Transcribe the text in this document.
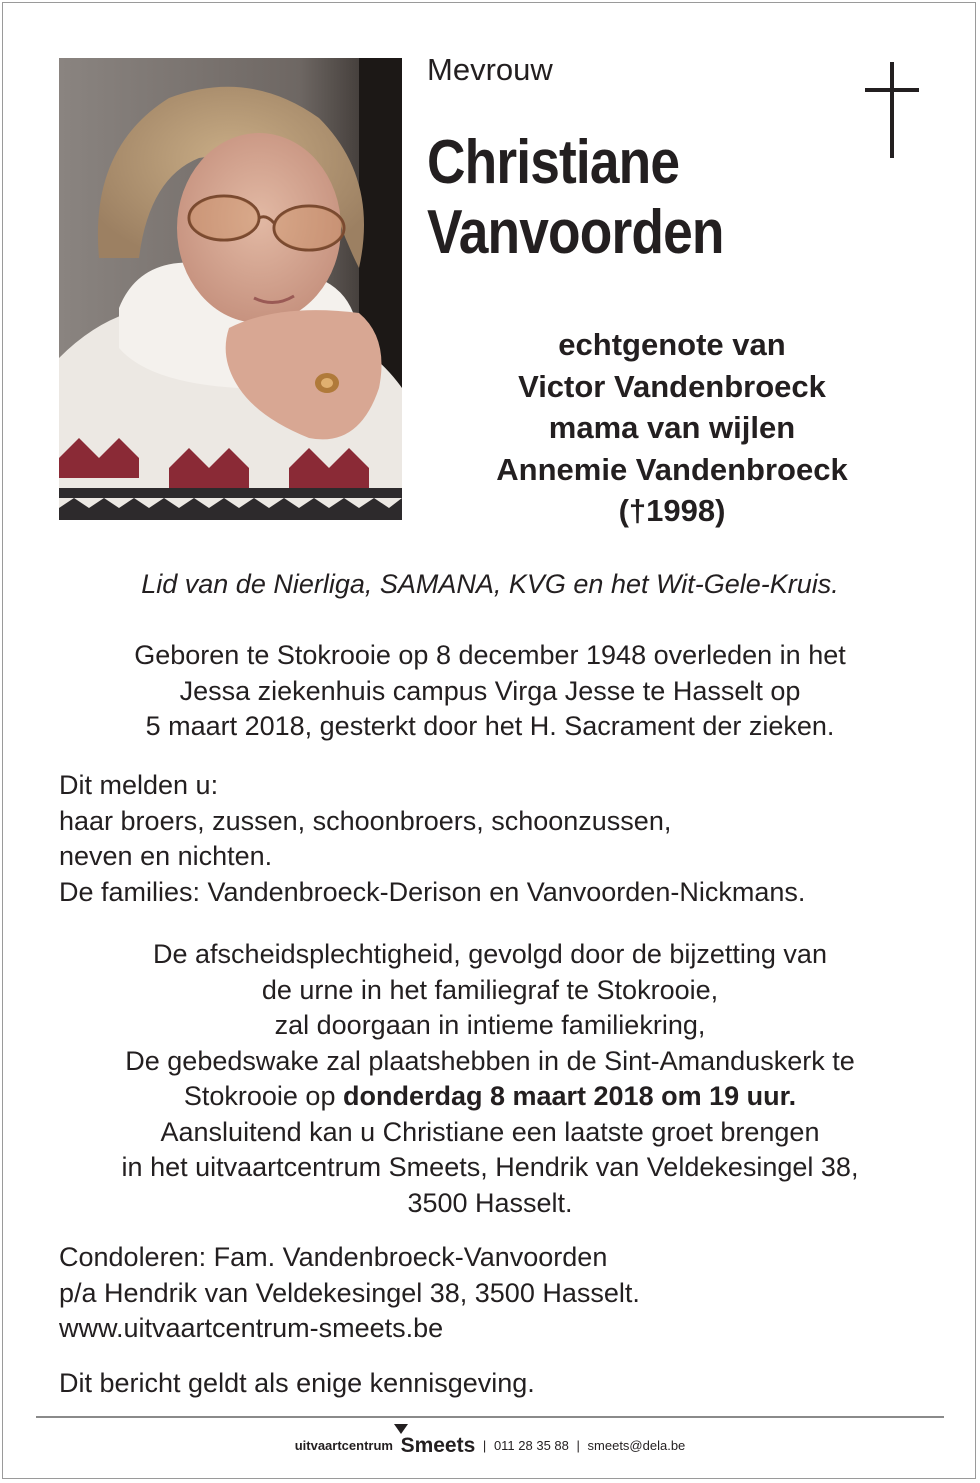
Mevrouw
Christiane
Vanvoorden
echtgenote van
Victor Vandenbroeck
mama van wijlen
Annemie Vandenbroeck
(†1998)
Lid van de Nierliga, SAMANA, KVG en het Wit-Gele-Kruis.
Geboren te Stokrooie op 8 december 1948 overleden in het
Jessa ziekenhuis campus Virga Jesse te Hasselt op
5 maart 2018, gesterkt door het H. Sacrament der zieken.
Dit melden u:
haar broers, zussen, schoonbroers, schoonzussen,
neven en nichten.
De families: Vandenbroeck-Derison en Vanvoorden-Nickmans.
De afscheidsplechtigheid, gevolgd door de bijzetting van
de urne in het familiegraf te Stokrooie,
zal doorgaan in intieme familiekring,
De gebedswake zal plaatshebben in de Sint-Amanduskerk te
Stokrooie op donderdag 8 maart 2018 om 19 uur.
Aansluitend kan u Christiane een laatste groet brengen
in het uitvaartcentrum Smeets, Hendrik van Veldekesingel 38,
3500 Hasselt.
Condoleren: Fam. Vandenbroeck-Vanvoorden
p/a Hendrik van Veldekesingel 38, 3500 Hasselt.
www.uitvaartcentrum-smeets.be
Dit bericht geldt als enige kennisgeving.
uitvaartcentrum Smeets | 011 28 35 88 | smeets@dela.be
